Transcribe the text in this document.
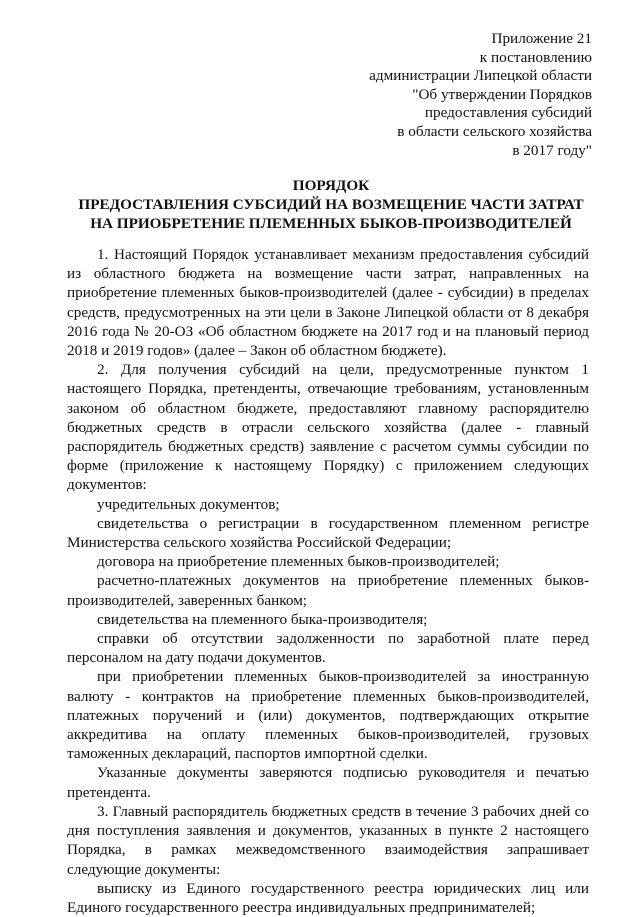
Приложение 21
к постановлению
администрации Липецкой области
"Об утверждении Порядков
предоставления субсидий
в области сельского хозяйства
в 2017 году"
ПОРЯДОК
ПРЕДОСТАВЛЕНИЯ СУБСИДИЙ НА ВОЗМЕЩЕНИЕ ЧАСТИ ЗАТРАТ
НА ПРИОБРЕТЕНИЕ ПЛЕМЕННЫХ БЫКОВ-ПРОИЗВОДИТЕЛЕЙ

1. Настоящий Порядок устанавливает механизм предоставления субсидий из областного бюджета на возмещение части затрат, направленных на приобретение племенных быков-производителей (далее - субсидии) в пределах средств, предусмотренных на эти цели в Законе Липецкой области от 8 декабря 2016 года № 20-ОЗ «Об областном бюджете на 2017 год и на плановый период 2018 и 2019 годов» (далее – Закон об областном бюджете).

2. Для получения субсидий на цели, предусмотренные пунктом 1 настоящего Порядка, претенденты, отвечающие требованиям, установленным законом об областном бюджете, предоставляют главному распорядителю бюджетных средств в отрасли сельского хозяйства (далее - главный распорядитель бюджетных средств) заявление с расчетом суммы субсидии по форме (приложение к настоящему Порядку) с приложением следующих документов:

учредительных документов;

свидетельства о регистрации в государственном племенном регистре Министерства сельского хозяйства Российской Федерации;

договора на приобретение племенных быков-производителей;

расчетно-платежных документов на приобретение племенных быков-производителей, заверенных банком;

свидетельства на племенного быка-производителя;

справки об отсутствии задолженности по заработной плате перед персоналом на дату подачи документов.

при приобретении племенных быков-производителей за иностранную валюту - контрактов на приобретение племенных быков-производителей, платежных поручений и (или) документов, подтверждающих открытие аккредитива на оплату племенных быков-производителей, грузовых таможенных деклараций, паспортов импортной сделки.

Указанные документы заверяются подписью руководителя и печатью претендента.

3. Главный распорядитель бюджетных средств в течение 3 рабочих дней со дня поступления заявления и документов, указанных в пункте 2 настоящего Порядка, в рамках межведомственного взаимодействия запрашивает следующие документы:

выписку из Единого государственного реестра юридических лиц или Единого государственного реестра индивидуальных предпринимателей;
